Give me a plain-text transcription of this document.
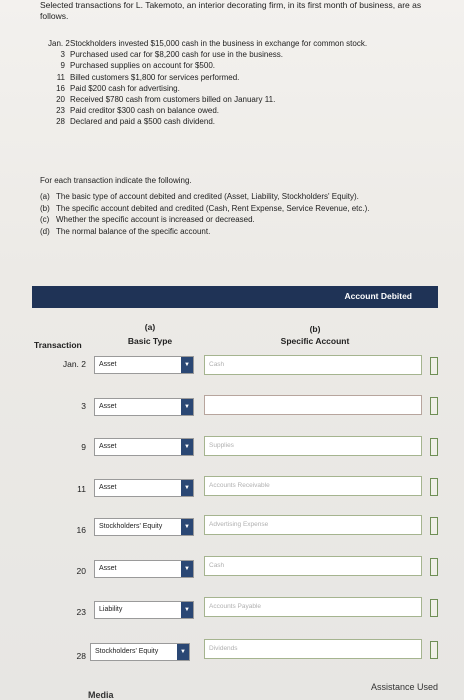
Selected transactions for L. Takemoto, an interior decorating firm, in its first month of business, are as follows.
Jan. 2 Stockholders invested $15,000 cash in the business in exchange for common stock.
3 Purchased used car for $8,200 cash for use in the business.
9 Purchased supplies on account for $500.
11 Billed customers $1,800 for services performed.
16 Paid $200 cash for advertising.
20 Received $780 cash from customers billed on January 11.
23 Paid creditor $300 cash on balance owed.
28 Declared and paid a $500 cash dividend.
For each transaction indicate the following.
(a) The basic type of account debited and credited (Asset, Liability, Stockholders' Equity).
(b) The specific account debited and credited (Cash, Rent Expense, Service Revenue, etc.).
(c) Whether the specific account is increased or decreased.
(d) The normal balance of the specific account.
Account Debited
Transaction
(a)
Basic Type
(b)
Specific Account
Jan. 2	Asset	▼	Cash
3	Asset	▼
9	Asset	▼	Supplies
11	Asset	▼	Accounts Receivable
16	Stockholders' Equity	▼	Advertising Expense
20	Asset	▼	Cash
23	Liability	▼	Accounts Payable
28	Stockholders' Equity	▼	Dividends
Media
Assistance Used
